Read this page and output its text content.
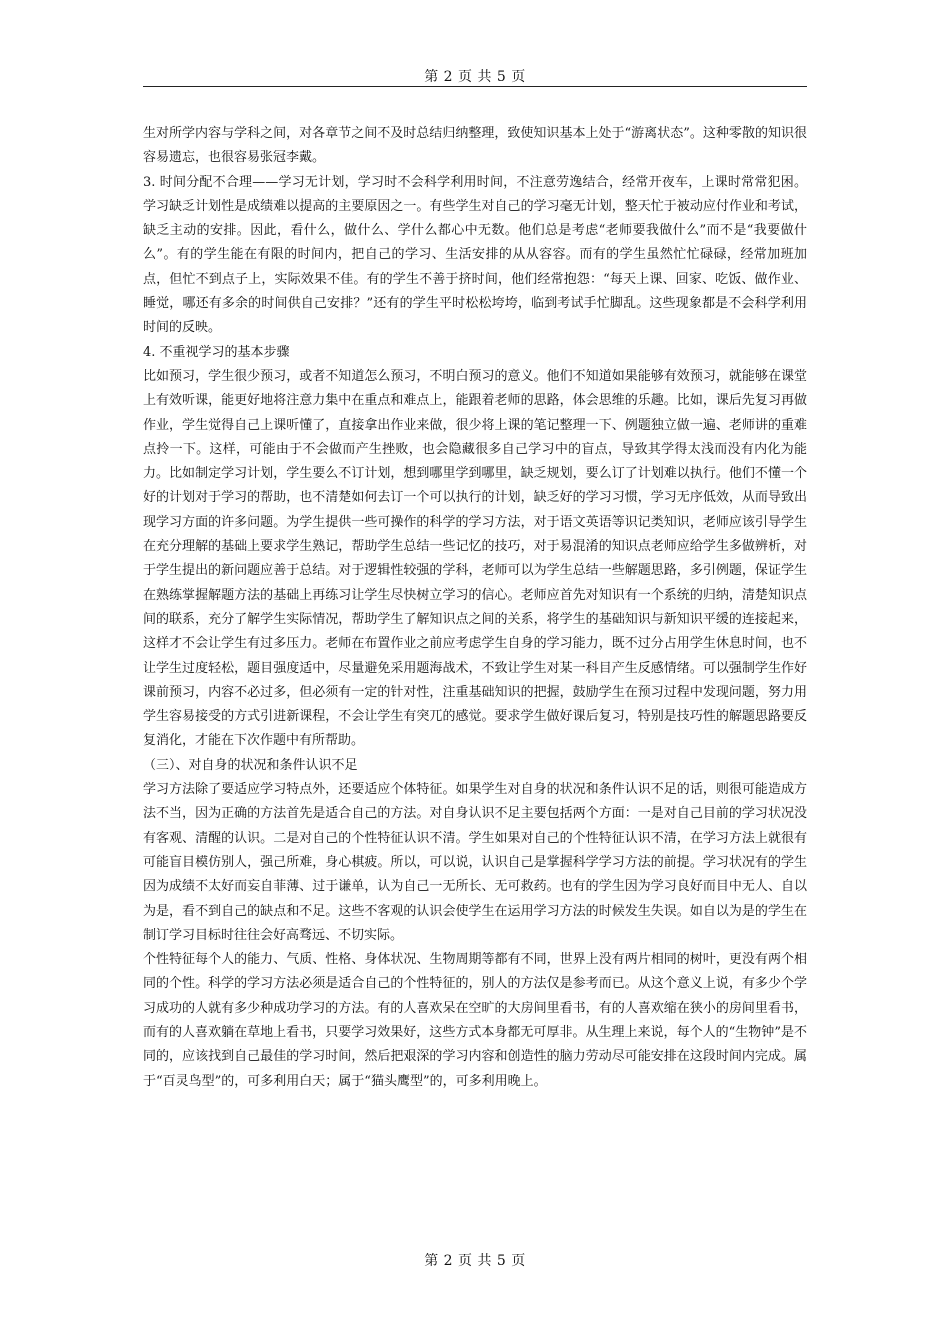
第 2 页 共 5 页

生对所学内容与学科之间，对各章节之间不及时总结归纳整理，致使知识基本上处于“游离状态”。这种零散的知识很容易遗忘，也很容易张冠李戴。

3. 时间分配不合理——学习无计划，学习时不会科学利用时间，不注意劳逸结合，经常开夜车，上课时常常犯困。学习缺乏计划性是成绩难以提高的主要原因之一。有些学生对自己的学习毫无计划，整天忙于被动应付作业和考试，缺乏主动的安排。因此，看什么，做什么、学什么都心中无数。他们总是考虑“老师要我做什么”而不是“我要做什么”。有的学生能在有限的时间内，把自己的学习、生活安排的从从容容。而有的学生虽然忙忙碌碌，经常加班加点，但忙不到点子上，实际效果不佳。有的学生不善于挤时间，他们经常抱怨：“每天上课、回家、吃饭、做作业、睡觉，哪还有多余的时间供自己安排？”还有的学生平时松松垮垮，临到考试手忙脚乱。这些现象都是不会科学利用时间的反映。

4. 不重视学习的基本步骤

比如预习，学生很少预习，或者不知道怎么预习，不明白预习的意义。他们不知道如果能够有效预习，就能够在课堂上有效听课，能更好地将注意力集中在重点和难点上，能跟着老师的思路，体会思维的乐趣。比如，课后先复习再做作业，学生觉得自己上课听懂了，直接拿出作业来做，很少将上课的笔记整理一下、例题独立做一遍、老师讲的重难点拎一下。这样，可能由于不会做而产生挫败，也会隐藏很多自己学习中的盲点，导致其学得太浅而没有内化为能力。比如制定学习计划，学生要么不订计划，想到哪里学到哪里，缺乏规划，要么订了计划难以执行。他们不懂一个好的计划对于学习的帮助，也不清楚如何去订一个可以执行的计划，缺乏好的学习习惯，学习无序低效，从而导致出现学习方面的许多问题。为学生提供一些可操作的科学的学习方法，对于语文英语等识记类知识，老师应该引导学生在充分理解的基础上要求学生熟记，帮助学生总结一些记忆的技巧，对于易混淆的知识点老师应给学生多做辨析，对于学生提出的新问题应善于总结。对于逻辑性较强的学科，老师可以为学生总结一些解题思路，多引例题，保证学生在熟练掌握解题方法的基础上再练习让学生尽快树立学习的信心。老师应首先对知识有一个系统的归纳，清楚知识点间的联系，充分了解学生实际情况，帮助学生了解知识点之间的关系，将学生的基础知识与新知识平缓的连接起来，这样才不会让学生有过多压力。老师在布置作业之前应考虑学生自身的学习能力，既不过分占用学生休息时间，也不让学生过度轻松，题目强度适中，尽量避免采用题海战术，不致让学生对某一科目产生反感情绪。可以强制学生作好课前预习，内容不必过多，但必须有一定的针对性，注重基础知识的把握，鼓励学生在预习过程中发现问题，努力用学生容易接受的方式引进新课程，不会让学生有突兀的感觉。要求学生做好课后复习，特别是技巧性的解题思路要反复消化，才能在下次作题中有所帮助。

（三）、对自身的状况和条件认识不足

学习方法除了要适应学习特点外，还要适应个体特征。如果学生对自身的状况和条件认识不足的话，则很可能造成方法不当，因为正确的方法首先是适合自己的方法。对自身认识不足主要包括两个方面：一是对自己目前的学习状况没有客观、清醒的认识。二是对自己的个性特征认识不清。学生如果对自己的个性特征认识不清，在学习方法上就很有可能盲目模仿别人，强己所难，身心棋疲。所以，可以说，认识自己是掌握科学学习方法的前提。学习状况有的学生因为成绩不太好而妄自菲薄、过于谦单，认为自己一无所长、无可救药。也有的学生因为学习良好而目中无人、自以为是，看不到自己的缺点和不足。这些不客观的认识会使学生在运用学习方法的时候发生失误。如自以为是的学生在制订学习目标时往往会好高骛远、不切实际。

个性特征每个人的能力、气质、性格、身体状况、生物周期等都有不同，世界上没有两片相同的树叶，更没有两个相同的个性。科学的学习方法必须是适合自己的个性特征的，别人的方法仅是参考而已。从这个意义上说，有多少个学习成功的人就有多少种成功学习的方法。有的人喜欢呆在空旷的大房间里看书，有的人喜欢缩在狭小的房间里看书，而有的人喜欢躺在草地上看书，只要学习效果好，这些方式本身都无可厚非。从生理上来说，每个人的“生物钟”是不同的，应该找到自己最佳的学习时间，然后把艰深的学习内容和创造性的脑力劳动尽可能安排在这段时间内完成。属于“百灵鸟型”的，可多利用白天；属于“猫头鹰型”的，可多利用晚上。

第 2 页 共 5 页
